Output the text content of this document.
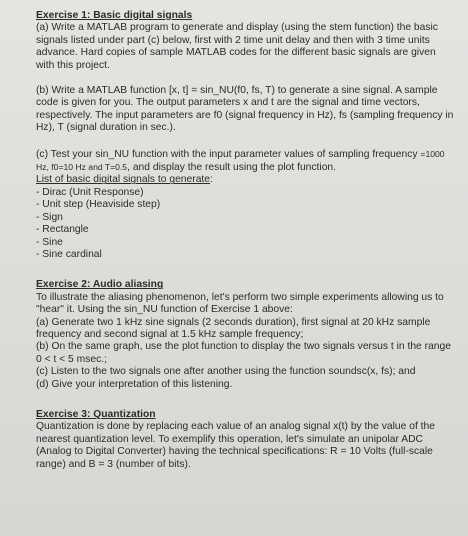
Exercise 1: Basic digital signals
(a) Write a MATLAB program to generate and display (using the stem function) the basic
signals listed under part (c) below, first with 2 time unit delay and then with 3 time units
advance. Hard copies of sample MATLAB codes for the different basic signals are given
with this project.
(b) Write a MATLAB function [x, t] = sin_NU(f0, fs, T) to generate a sine signal. A sample
code is given for you. The output parameters x and t are the signal and time vectors,
respectively. The input parameters are f0 (signal frequency in Hz), fs (sampling frequency in
Hz), T (signal duration in sec.).
(c) Test your sin_NU function with the input parameter values of sampling frequency =1000
Hz, f0=10 Hz and T=0.5, and display the result using the plot function.
List of basic digital signals to generate:
- Dirac (Unit Response)
- Unit step (Heaviside step)
- Sign
- Rectangle
- Sine
- Sine cardinal
Exercise 2: Audio aliasing
To illustrate the aliasing phenomenon, let's perform two simple experiments allowing us to
"hear" it. Using the sin_NU function of Exercise 1 above:
(a) Generate two 1 kHz sine signals (2 seconds duration), first signal at 20 kHz sample
frequency and second signal at 1.5 kHz sample frequency;
(b) On the same graph, use the plot function to display the two signals versus t in the range
0 < t < 5 msec.;
(c) Listen to the two signals one after another using the function soundsc(x, fs); and
(d) Give your interpretation of this listening.
Exercise 3: Quantization
Quantization is done by replacing each value of an analog signal x(t) by the value of the
nearest quantization level. To exemplify this operation, let's simulate an unipolar ADC
(Analog to Digital Converter) having the technical specifications: R = 10 Volts (full-scale
range) and B = 3 (number of bits).
